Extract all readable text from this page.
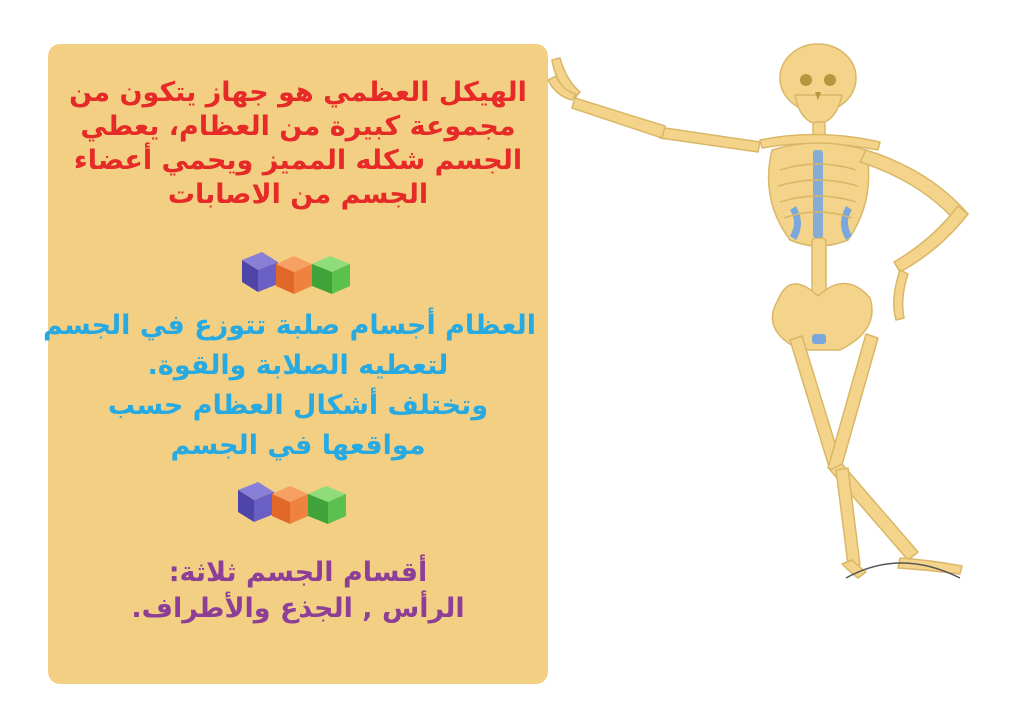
الهيكل العظمي هو جهاز يتكون من
مجموعة كبيرة من العظام، يعطي
الجسم شكله المميز ويحمي أعضاء
الجسم من الاصابات
العظام أجسام صلبة تتوزع في الجسم
لتعطيه الصلابة والقوة.
وتختلف أشكال العظام حسب
مواقعها في الجسم
أقسام الجسم ثلاثة:
الرأس , الجذع والأطراف.
